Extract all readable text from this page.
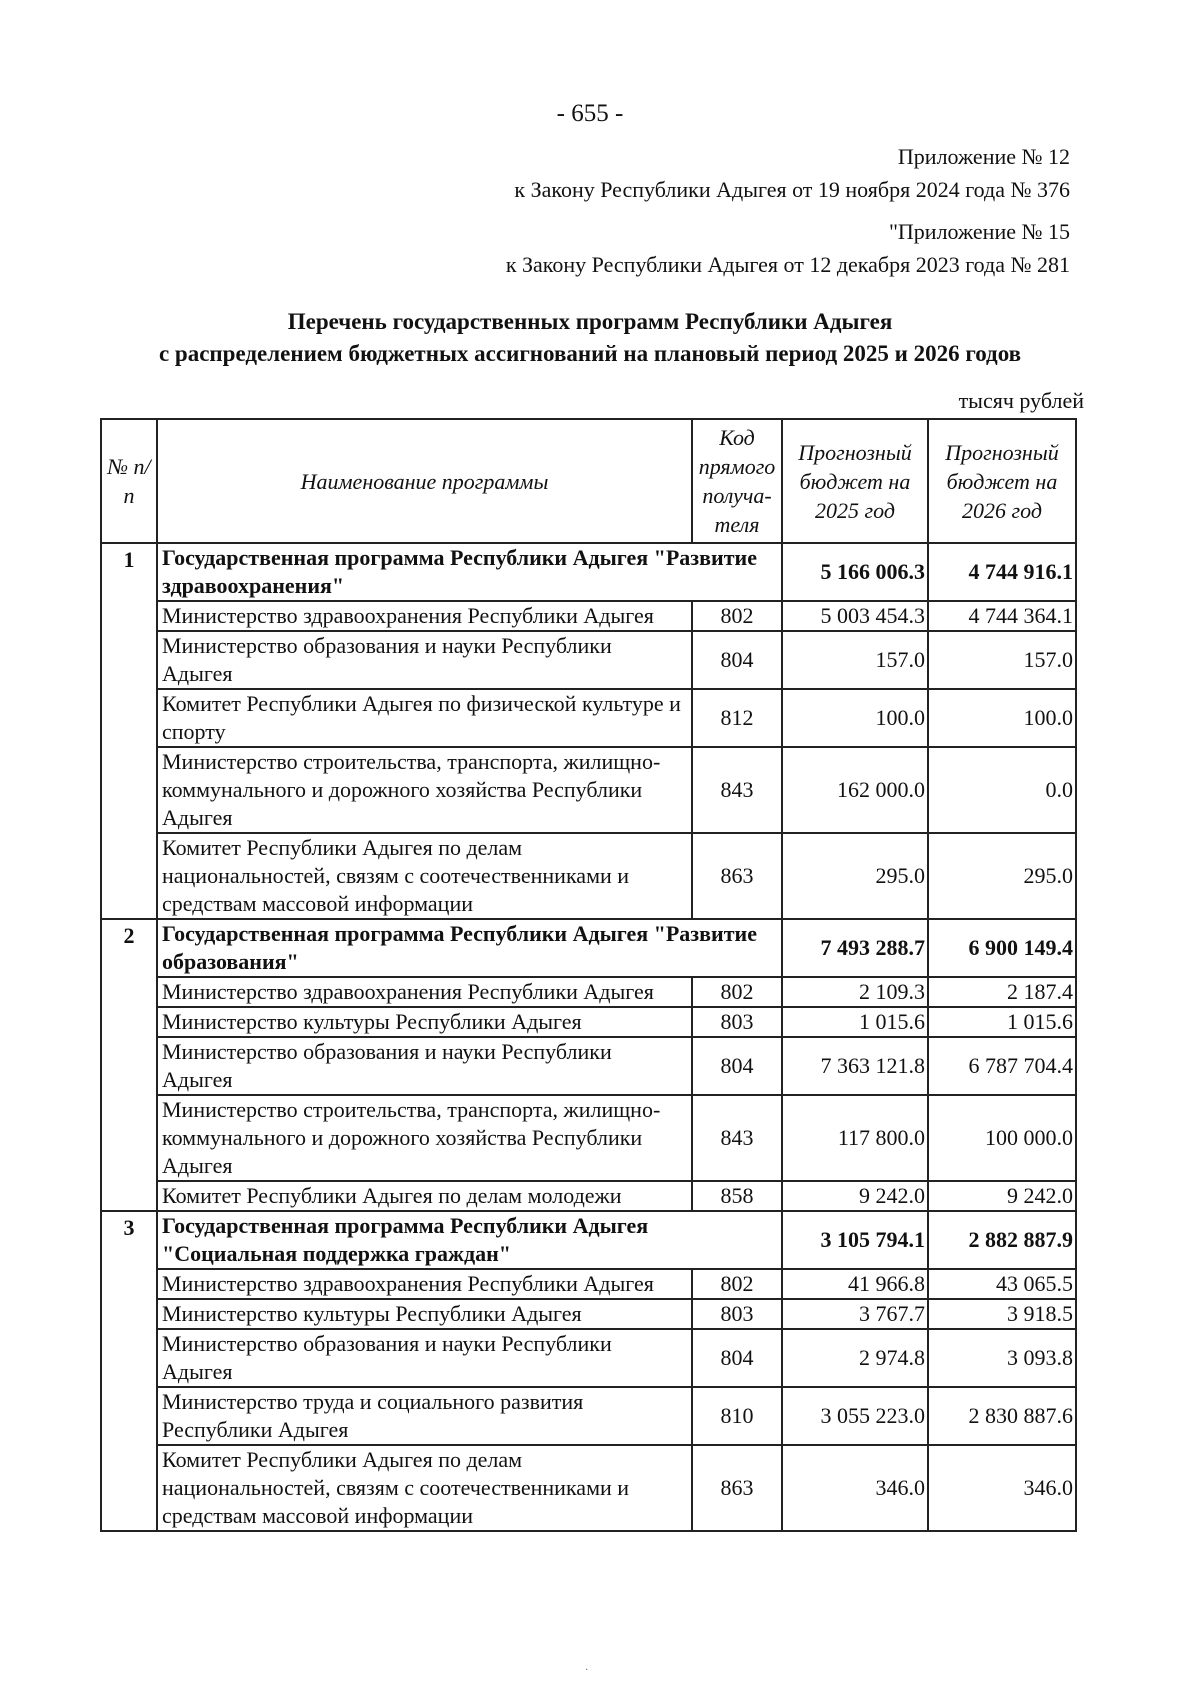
- 655 -
Приложение № 12
к Закону Республики Адыгея от 19 ноября 2024 года № 376
"Приложение № 15
к Закону Республики Адыгея от 12 декабря 2023 года № 281
Перечень государственных программ Республики Адыгея
с распределением бюджетных ассигнований на плановый период 2025 и 2026 годов
тысяч рублей
№ п/п	Наименование программы	Код прямого получа-теля	Прогнозный бюджет на 2025 год	Прогнозный бюджет на 2026 год
1	Государственная программа Республики Адыгея "Развитие здравоохранения"		5 166 006.3	4 744 916.1
	Министерство здравоохранения Республики Адыгея	802	5 003 454.3	4 744 364.1
	Министерство образования и науки Республики Адыгея	804	157.0	157.0
	Комитет Республики Адыгея по физической культуре и спорту	812	100.0	100.0
	Министерство строительства, транспорта, жилищно-коммунального и дорожного хозяйства Республики Адыгея	843	162 000.0	0.0
	Комитет Республики Адыгея по делам национальностей, связям с соотечественниками и средствам массовой информации	863	295.0	295.0
2	Государственная программа Республики Адыгея "Развитие образования"		7 493 288.7	6 900 149.4
	Министерство здравоохранения Республики Адыгея	802	2 109.3	2 187.4
	Министерство культуры Республики Адыгея	803	1 015.6	1 015.6
	Министерство образования и науки Республики Адыгея	804	7 363 121.8	6 787 704.4
	Министерство строительства, транспорта, жилищно-коммунального и дорожного хозяйства Республики Адыгея	843	117 800.0	100 000.0
	Комитет Республики Адыгея по делам молодежи	858	9 242.0	9 242.0
3	Государственная программа Республики Адыгея "Социальная поддержка граждан"		3 105 794.1	2 882 887.9
	Министерство здравоохранения Республики Адыгея	802	41 966.8	43 065.5
	Министерство культуры Республики Адыгея	803	3 767.7	3 918.5
	Министерство образования и науки Республики Адыгея	804	2 974.8	3 093.8
	Министерство труда и социального развития Республики Адыгея	810	3 055 223.0	2 830 887.6
	Комитет Республики Адыгея по делам национальностей, связям с соотечественниками и средствам массовой информации	863	346.0	346.0
·
